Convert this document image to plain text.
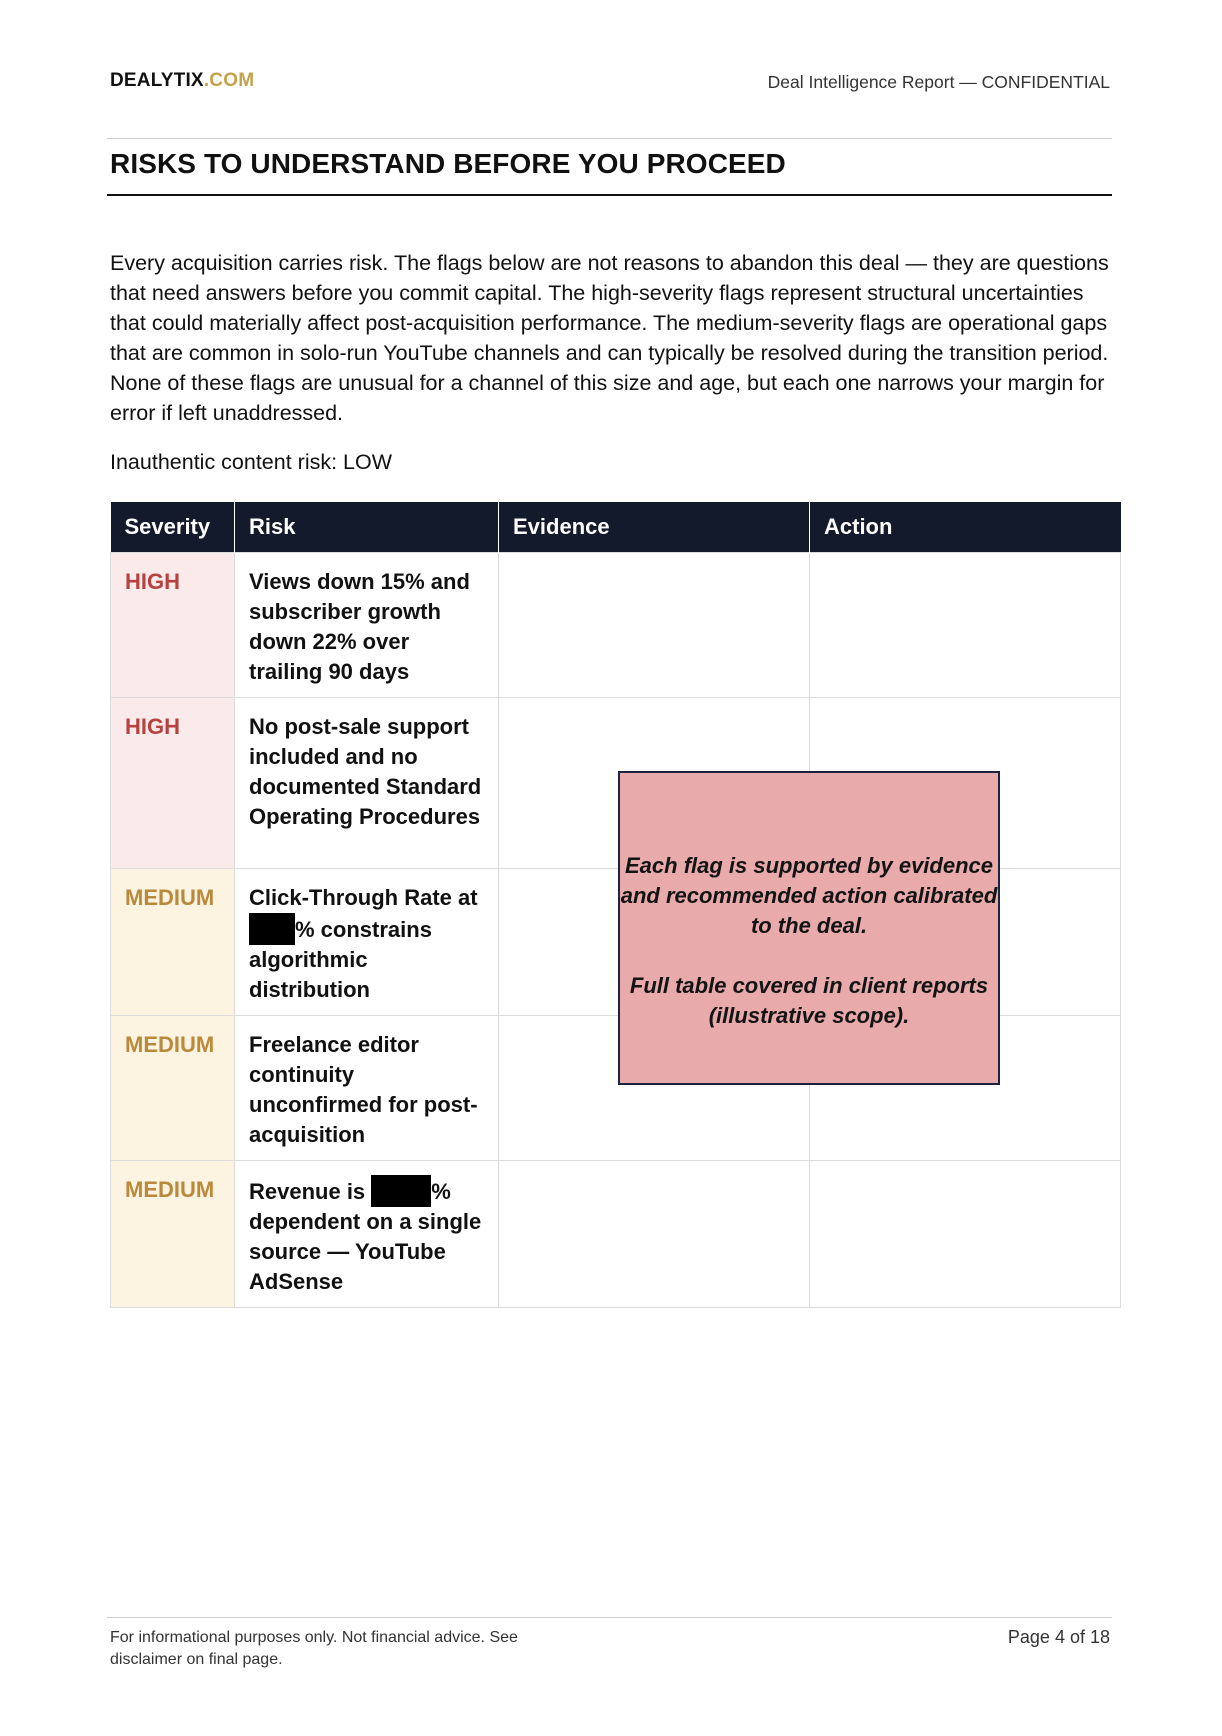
DEALYTIX.COM	Deal Intelligence Report — CONFIDENTIAL
RISKS TO UNDERSTAND BEFORE YOU PROCEED
Every acquisition carries risk. The flags below are not reasons to abandon this deal — they are questions that need answers before you commit capital. The high-severity flags represent structural uncertainties that could materially affect post-acquisition performance. The medium-severity flags are operational gaps that are common in solo-run YouTube channels and can typically be resolved during the transition period. None of these flags are unusual for a channel of this size and age, but each one narrows your margin for error if left unaddressed.
Inauthentic content risk: LOW
Severity	Risk	Evidence	Action
HIGH	Views down 15% and subscriber growth down 22% over trailing 90 days		
HIGH	No post-sale support included and no documented Standard Operating Procedures		
MEDIUM	Click-Through Rate at % constrains algorithmic distribution		
MEDIUM	Freelance editor continuity unconfirmed for post-acquisition		
MEDIUM	Revenue is % dependent on a single source — YouTube AdSense		
Each flag is supported by evidence and recommended action calibrated to the deal.
Full table covered in client reports (illustrative scope).
For informational purposes only. Not financial advice. See disclaimer on final page.
Page 4 of 18
